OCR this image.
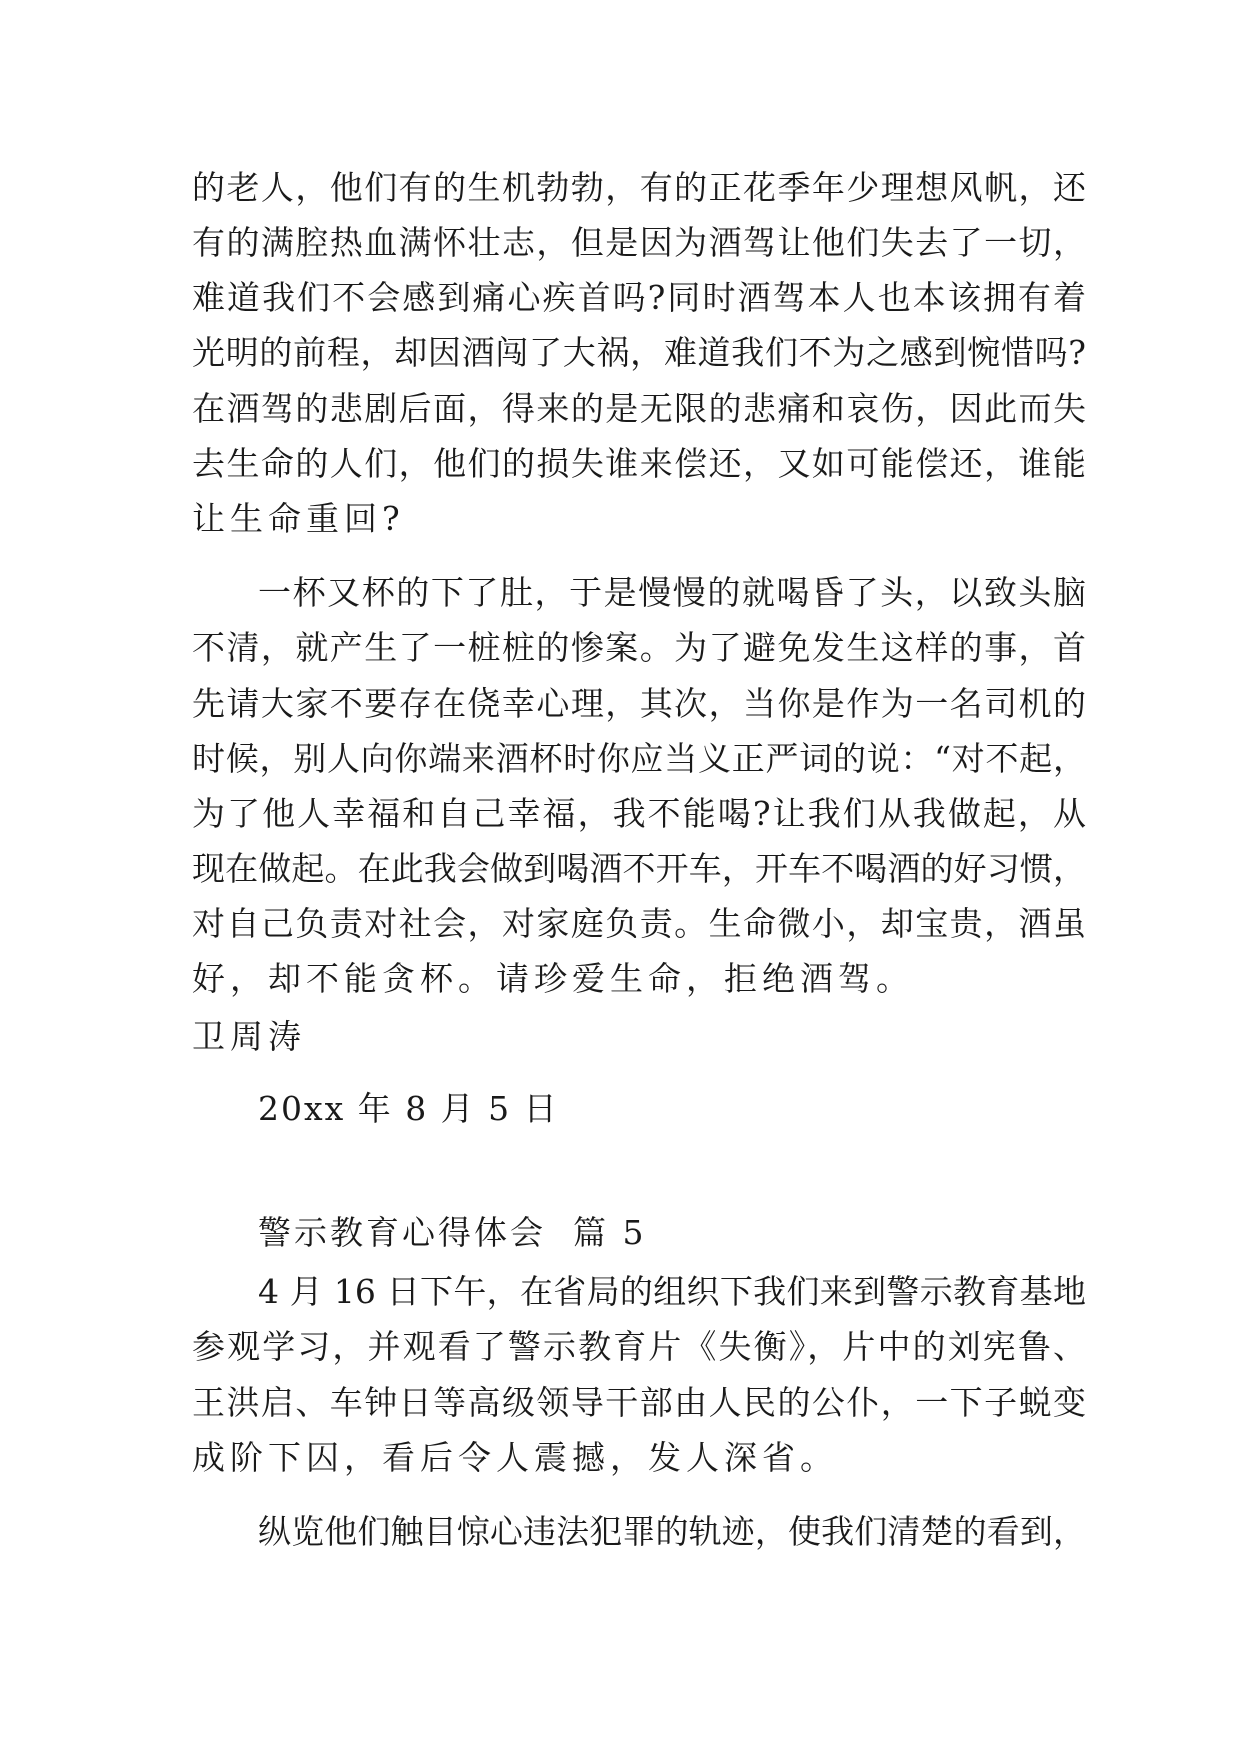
的老人，他们有的生机勃勃，有的正花季年少理想风帆，还
有的满腔热血满怀壮志，但是因为酒驾让他们失去了一切，
难道我们不会感到痛心疾首吗?同时酒驾本人也本该拥有着
光明的前程，却因酒闯了大祸，难道我们不为之感到惋惜吗?
在酒驾的悲剧后面，得来的是无限的悲痛和哀伤，因此而失
去生命的人们，他们的损失谁来偿还，又如可能偿还，谁能
让生命重回?
一杯又杯的下了肚，于是慢慢的就喝昏了头，以致头脑
不清，就产生了一桩桩的惨案。为了避免发生这样的事，首
先请大家不要存在侥幸心理，其次，当你是作为一名司机的
时候，别人向你端来酒杯时你应当义正严词的说：“对不起，
为了他人幸福和自己幸福，我不能喝?让我们从我做起，从
现在做起。在此我会做到喝酒不开车，开车不喝酒的好习惯，
对自己负责对社会，对家庭负责。生命微小，却宝贵，酒虽
好，却不能贪杯。请珍爱生命，拒绝酒驾。
卫周涛
20xx 年 8 月 5 日
警示教育心得体会  篇 5
4 月 16 日下午，在省局的组织下我们来到警示教育基地
参观学习，并观看了警示教育片《失衡》，片中的刘宪鲁、
王洪启、车钟日等高级领导干部由人民的公仆，一下子蜕变
成阶下囚，看后令人震撼，发人深省。
纵览他们触目惊心违法犯罪的轨迹，使我们清楚的看到，
